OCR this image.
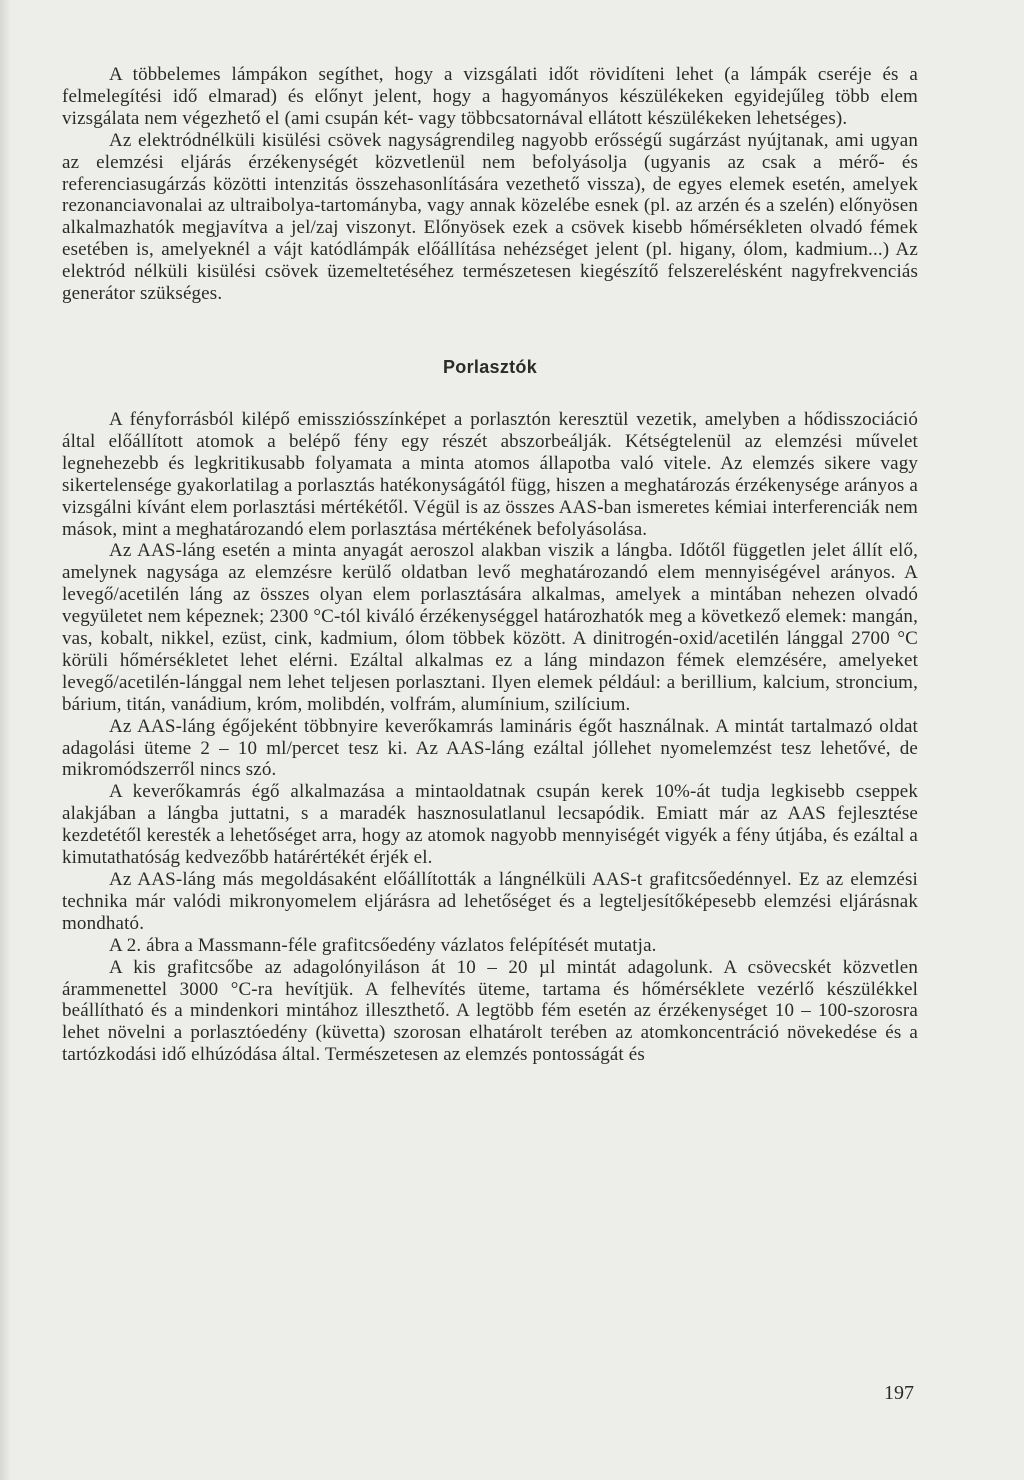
A többelemes lámpákon segíthet, hogy a vizsgálati időt rövidíteni lehet (a lámpák cseréje és a felmelegítési idő elmarad) és előnyt jelent, hogy a hagyományos készülékeken egyidejűleg több elem vizsgálata nem végezhető el (ami csupán két- vagy többcsatornával ellátott készülékeken lehetséges).

Az elektródnélküli kisülési csövek nagyságrendileg nagyobb erősségű sugárzást nyújtanak, ami ugyan az elemzési eljárás érzékenységét közvetlenül nem befolyásolja (ugyanis az csak a mérő- és referenciasugárzás közötti intenzitás összehasonlítására vezethető vissza), de egyes elemek esetén, amelyek rezonanciavonalai az ultraibolya-tartományba, vagy annak közelébe esnek (pl. az arzén és a szelén) előnyösen alkalmazhatók megjavítva a jel/zaj viszonyt. Előnyösek ezek a csövek kisebb hőmérsékleten olvadó fémek esetében is, amelyeknél a vájt katódlámpák előállítása nehézséget jelent (pl. higany, ólom, kadmium...) Az elektród nélküli kisülési csövek üzemeltetéséhez természetesen kiegészítő felszerelésként nagyfrekvenciás generátor szükséges.

Porlasztók

A fényforrásból kilépő emissziósszínképet a porlasztón keresztül vezetik, amelyben a hődisszociáció által előállított atomok a belépő fény egy részét abszorbeálják. Kétségtelenül az elemzési művelet legnehezebb és legkritikusabb folyamata a minta atomos állapotba való vitele. Az elemzés sikere vagy sikertelensége gyakorlatilag a porlasztás hatékonyságától függ, hiszen a meghatározás érzékenysége arányos a vizsgálni kívánt elem porlasztási mértékétől. Végül is az összes AAS-ban ismeretes kémiai interferenciák nem mások, mint a meghatározandó elem porlasztása mértékének befolyásolása.

Az AAS-láng esetén a minta anyagát aeroszol alakban viszik a lángba. Időtől független jelet állít elő, amelynek nagysága az elemzésre kerülő oldatban levő meghatározandó elem mennyiségével arányos. A levegő/acetilén láng az összes olyan elem porlasztására alkalmas, amelyek a mintában nehezen olvadó vegyületet nem képeznek; 2300 °C-tól kiváló érzékenységgel határozhatók meg a következő elemek: mangán, vas, kobalt, nikkel, ezüst, cink, kadmium, ólom többek között. A dinitrogén-oxid/acetilén lánggal 2700 °C körüli hőmérsékletet lehet elérni. Ezáltal alkalmas ez a láng mindazon fémek elemzésére, amelyeket levegő/acetilén-lánggal nem lehet teljesen porlasztani. Ilyen elemek például: a berillium, kalcium, stroncium, bárium, titán, vanádium, króm, molibdén, volfrám, alumínium, szilícium.

Az AAS-láng égőjeként többnyire keverőkamrás lamináris égőt használnak. A mintát tartalmazó oldat adagolási üteme 2 – 10 ml/percet tesz ki. Az AAS-láng ezáltal jóllehet nyomelemzést tesz lehetővé, de mikromódszerről nincs szó.

A keverőkamrás égő alkalmazása a mintaoldatnak csupán kerek 10%-át tudja legkisebb cseppek alakjában a lángba juttatni, s a maradék hasznosulatlanul lecsapódik. Emiatt már az AAS fejlesztése kezdetétől keresték a lehetőséget arra, hogy az atomok nagyobb mennyiségét vigyék a fény útjába, és ezáltal a kimutathatóság kedvezőbb határértékét érjék el.

Az AAS-láng más megoldásaként előállították a lángnélküli AAS-t grafitcsőedénnyel. Ez az elemzési technika már valódi mikronyomelem eljárásra ad lehetőséget és a legteljesítőképesebb elemzési eljárásnak mondható.

A 2. ábra a Massmann-féle grafitcsőedény vázlatos felépítését mutatja.

A kis grafitcsőbe az adagolónyiláson át 10 – 20 µl mintát adagolunk. A csövecskét közvetlen árammenettel 3000 °C-ra hevítjük. A felhevítés üteme, tartama és hőmérséklete vezérlő készülékkel beállítható és a mindenkori mintához illeszthető. A legtöbb fém esetén az érzékenységet 10 – 100-szorosra lehet növelni a porlasztóedény (küvetta) szorosan elhatárolt terében az atomkoncentráció növekedése és a tartózkodási idő elhúzódása által. Természetesen az elemzés pontosságát és

197
